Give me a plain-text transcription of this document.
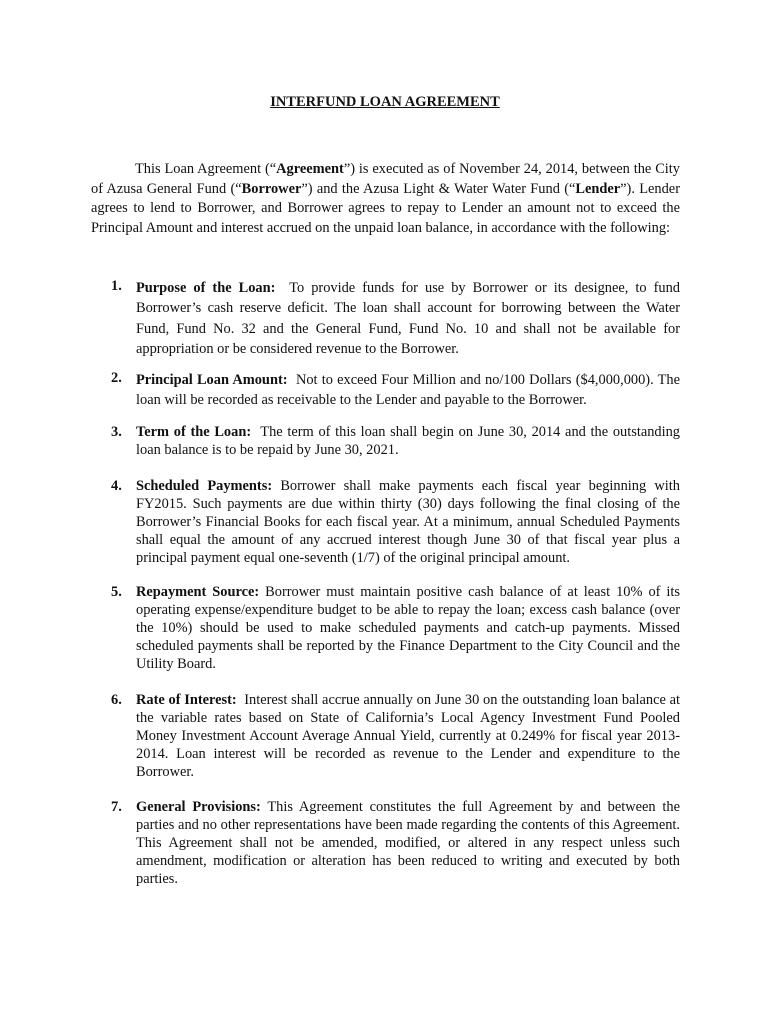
INTERFUND LOAN AGREEMENT

This Loan Agreement (“Agreement”) is executed as of November 24, 2014, between the City of Azusa General Fund (“Borrower”) and the Azusa Light & Water Water Fund (“Lender”). Lender agrees to lend to Borrower, and Borrower agrees to repay to Lender an amount not to exceed the Principal Amount and interest accrued on the unpaid loan balance, in accordance with the following:

1. Purpose of the Loan: To provide funds for use by Borrower or its designee, to fund Borrower’s cash reserve deficit. The loan shall account for borrowing between the Water Fund, Fund No. 32 and the General Fund, Fund No. 10 and shall not be available for appropriation or be considered revenue to the Borrower.
2. Principal Loan Amount: Not to exceed Four Million and no/100 Dollars ($4,000,000). The loan will be recorded as receivable to the Lender and payable to the Borrower.
3. Term of the Loan: The term of this loan shall begin on June 30, 2014 and the outstanding loan balance is to be repaid by June 30, 2021.
4. Scheduled Payments: Borrower shall make payments each fiscal year beginning with FY2015. Such payments are due within thirty (30) days following the final closing of the Borrower’s Financial Books for each fiscal year. At a minimum, annual Scheduled Payments shall equal the amount of any accrued interest though June 30 of that fiscal year plus a principal payment equal one-seventh (1/7) of the original principal amount.
5. Repayment Source: Borrower must maintain positive cash balance of at least 10% of its operating expense/expenditure budget to be able to repay the loan; excess cash balance (over the 10%) should be used to make scheduled payments and catch-up payments. Missed scheduled payments shall be reported by the Finance Department to the City Council and the Utility Board.
6. Rate of Interest: Interest shall accrue annually on June 30 on the outstanding loan balance at the variable rates based on State of California’s Local Agency Investment Fund Pooled Money Investment Account Average Annual Yield, currently at 0.249% for fiscal year 2013-2014. Loan interest will be recorded as revenue to the Lender and expenditure to the Borrower.
7. General Provisions: This Agreement constitutes the full Agreement by and between the parties and no other representations have been made regarding the contents of this Agreement. This Agreement shall not be amended, modified, or altered in any respect unless such amendment, modification or alteration has been reduced to writing and executed by both parties.
